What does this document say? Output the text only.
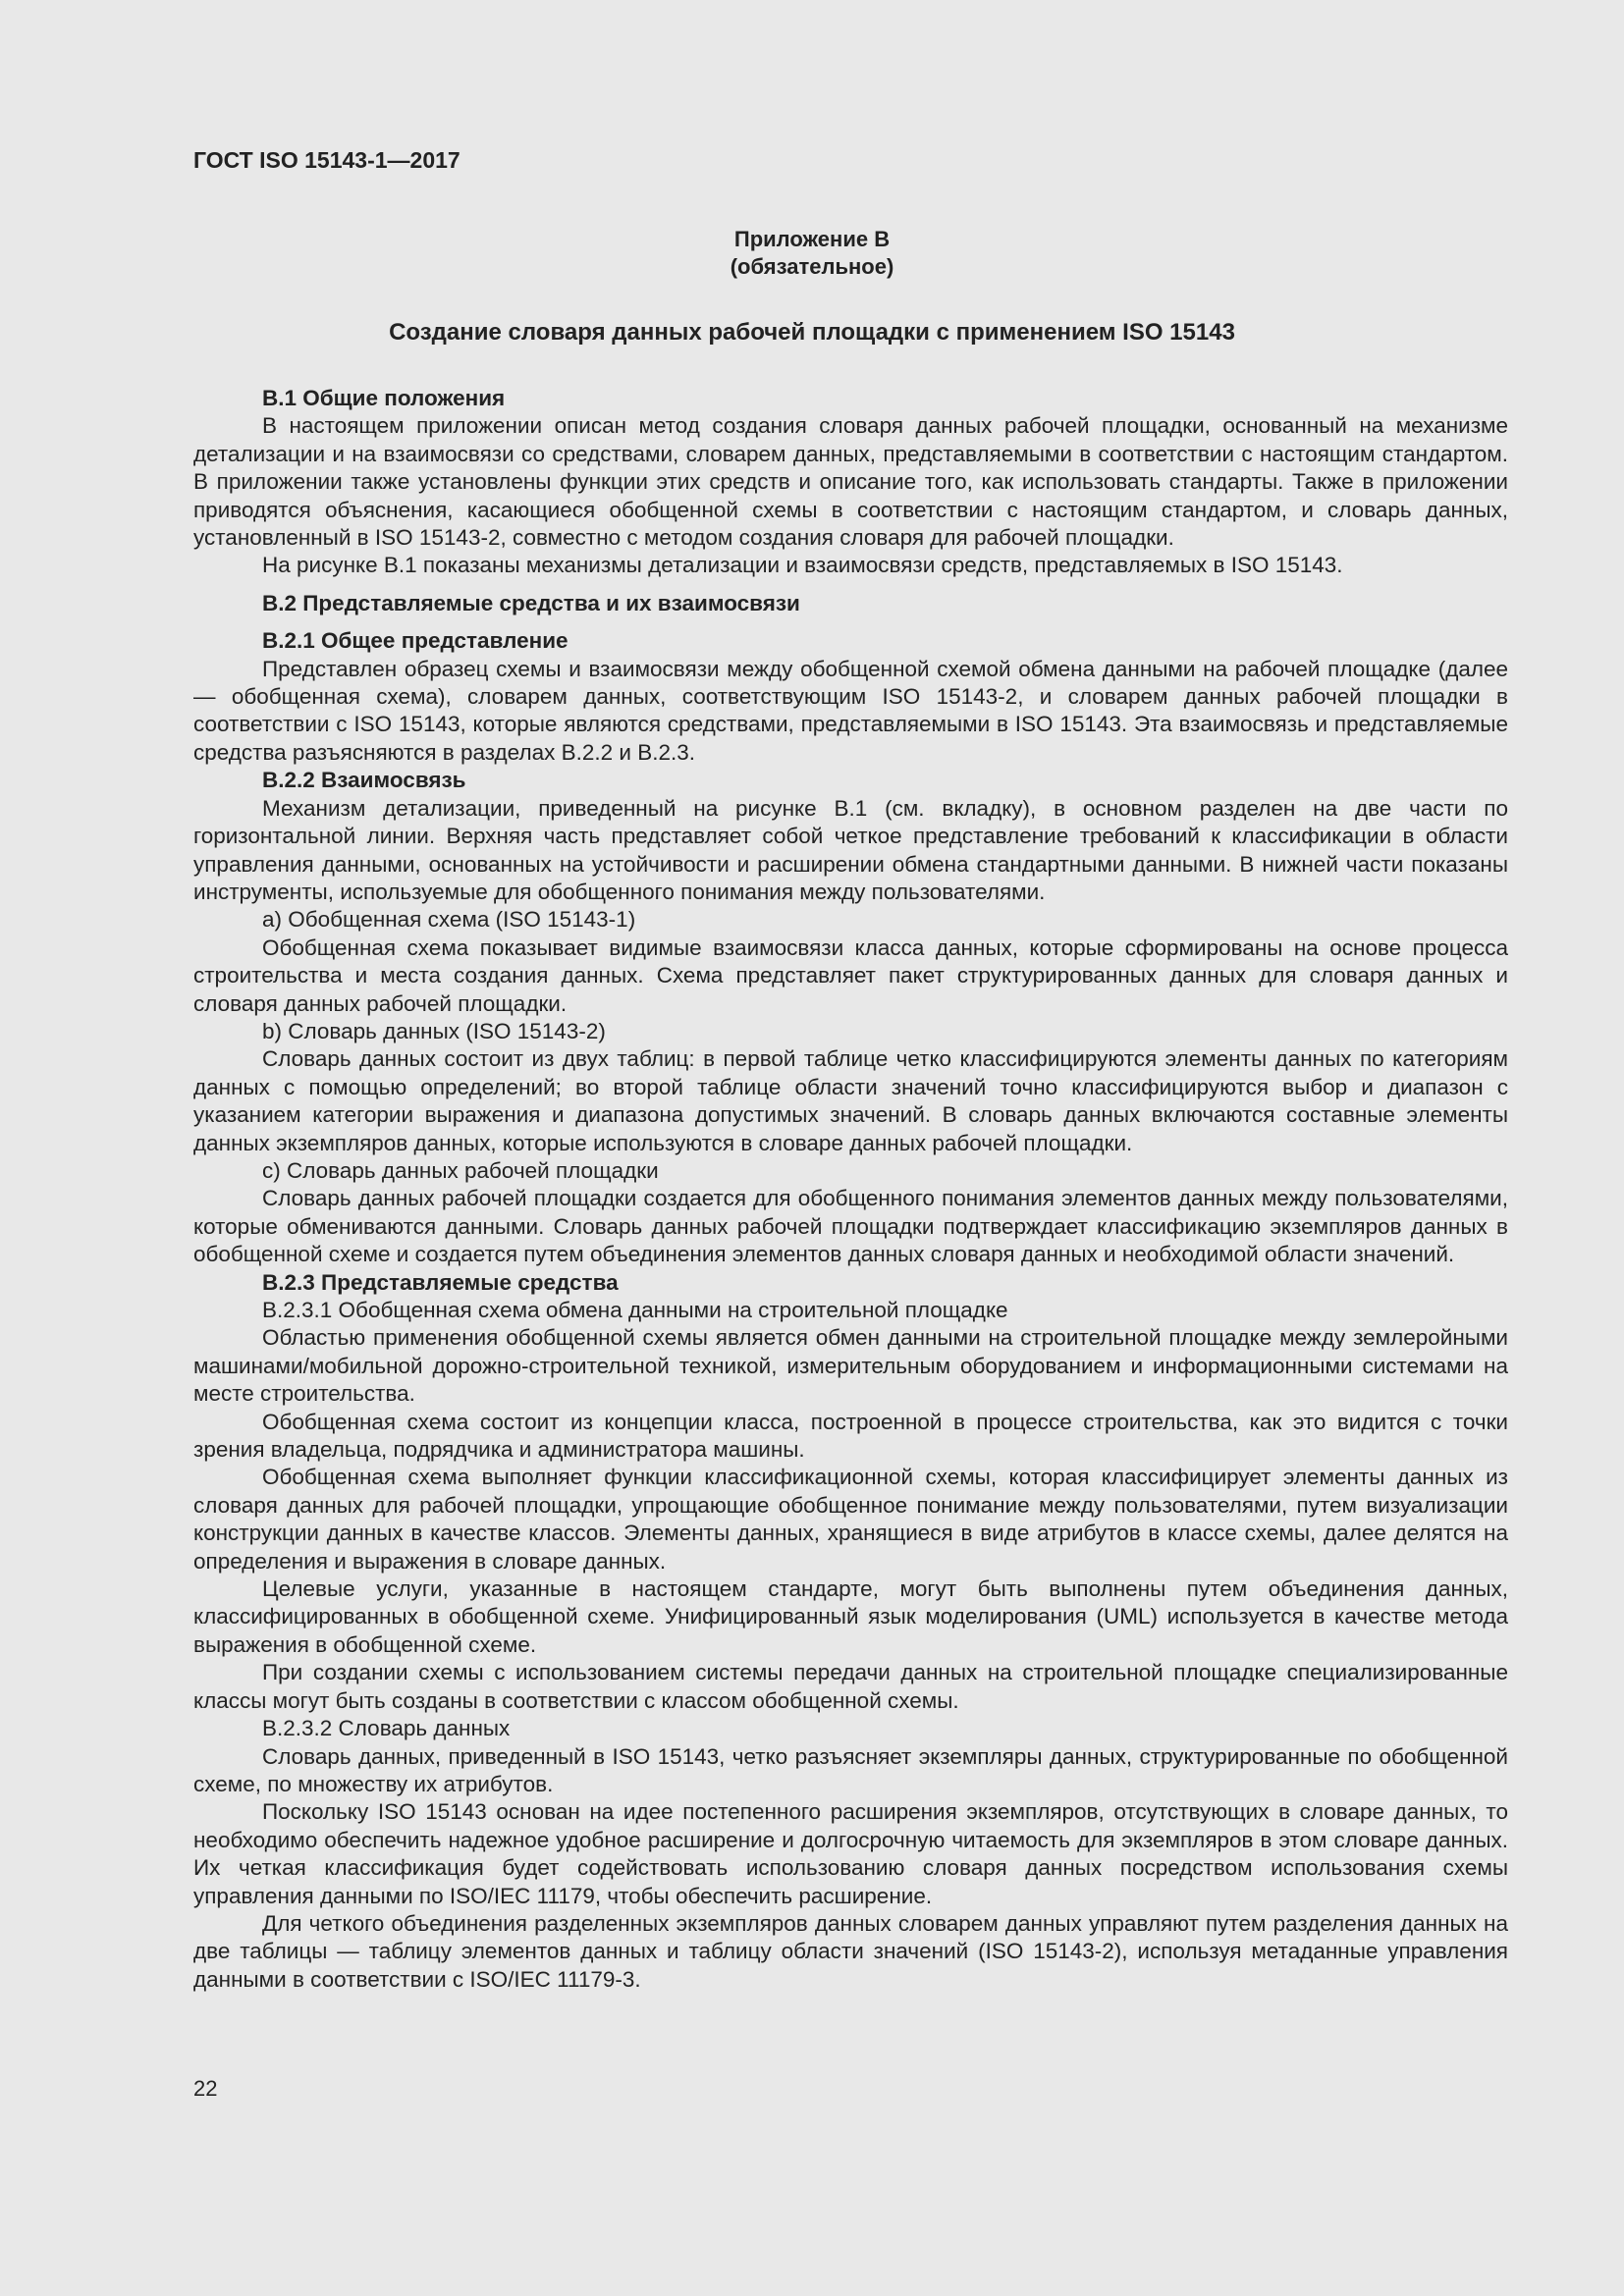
ГОСТ ISO 15143-1—2017
Приложение В
(обязательное)
Создание словаря данных рабочей площадки с применением ISO 15143

В.1 Общие положения

В настоящем приложении описан метод создания словаря данных рабочей площадки, основанный на механизме детализации и на взаимосвязи со средствами, словарем данных, представляемыми в соответствии с настоящим стандартом. В приложении также установлены функции этих средств и описание того, как использовать стандарты. Также в приложении приводятся объяснения, касающиеся обобщенной схемы в соответствии с настоящим стандартом, и словарь данных, установленный в ISO 15143-2, совместно с методом создания словаря для рабочей площадки.

На рисунке В.1 показаны механизмы детализации и взаимосвязи средств, представляемых в ISO 15143.

В.2 Представляемые средства и их взаимосвязи

В.2.1 Общее представление

Представлен образец схемы и взаимосвязи между обобщенной схемой обмена данными на рабочей площадке (далее — обобщенная схема), словарем данных, соответствующим ISO 15143-2, и словарем данных рабочей площадки в соответствии с ISO 15143, которые являются средствами, представляемыми в ISO 15143. Эта взаимосвязь и представляемые средства разъясняются в разделах В.2.2 и В.2.3.

В.2.2 Взаимосвязь

Механизм детализации, приведенный на рисунке В.1 (см. вкладку), в основном разделен на две части по горизонтальной линии. Верхняя часть представляет собой четкое представление требований к классификации в области управления данными, основанных на устойчивости и расширении обмена стандартными данными. В нижней части показаны инструменты, используемые для обобщенного понимания между пользователями.

а) Обобщенная схема (ISO 15143-1)

Обобщенная схема показывает видимые взаимосвязи класса данных, которые сформированы на основе процесса строительства и места создания данных. Схема представляет пакет структурированных данных для словаря данных и словаря данных рабочей площадки.

b) Словарь данных (ISO 15143-2)

Словарь данных состоит из двух таблиц: в первой таблице четко классифицируются элементы данных по категориям данных с помощью определений; во второй таблице области значений точно классифицируются выбор и диапазон с указанием категории выражения и диапазона допустимых значений. В словарь данных включаются составные элементы данных экземпляров данных, которые используются в словаре данных рабочей площадки.

c) Словарь данных рабочей площадки

Словарь данных рабочей площадки создается для обобщенного понимания элементов данных между пользователями, которые обмениваются данными. Словарь данных рабочей площадки подтверждает классификацию экземпляров данных в обобщенной схеме и создается путем объединения элементов данных словаря данных и необходимой области значений.

В.2.3 Представляемые средства

В.2.3.1 Обобщенная схема обмена данными на строительной площадке

Областью применения обобщенной схемы является обмен данными на строительной площадке между землеройными машинами/мобильной дорожно-строительной техникой, измерительным оборудованием и информационными системами на месте строительства.

Обобщенная схема состоит из концепции класса, построенной в процессе строительства, как это видится с точки зрения владельца, подрядчика и администратора машины.

Обобщенная схема выполняет функции классификационной схемы, которая классифицирует элементы данных из словаря данных для рабочей площадки, упрощающие обобщенное понимание между пользователями, путем визуализации конструкции данных в качестве классов. Элементы данных, хранящиеся в виде атрибутов в классе схемы, далее делятся на определения и выражения в словаре данных.

Целевые услуги, указанные в настоящем стандарте, могут быть выполнены путем объединения данных, классифицированных в обобщенной схеме. Унифицированный язык моделирования (UML) используется в качестве метода выражения в обобщенной схеме.

При создании схемы с использованием системы передачи данных на строительной площадке специализированные классы могут быть созданы в соответствии с классом обобщенной схемы.

В.2.3.2 Словарь данных

Словарь данных, приведенный в ISO 15143, четко разъясняет экземпляры данных, структурированные по обобщенной схеме, по множеству их атрибутов.

Поскольку ISO 15143 основан на идее постепенного расширения экземпляров, отсутствующих в словаре данных, то необходимо обеспечить надежное удобное расширение и долгосрочную читаемость для экземпляров в этом словаре данных. Их четкая классификация будет содействовать использованию словаря данных посредством использования схемы управления данными по ISO/IEC 11179, чтобы обеспечить расширение.

Для четкого объединения разделенных экземпляров данных словарем данных управляют путем разделения данных на две таблицы — таблицу элементов данных и таблицу области значений (ISO 15143-2), используя метаданные управления данными в соответствии с ISO/IEC 11179-3.

22
